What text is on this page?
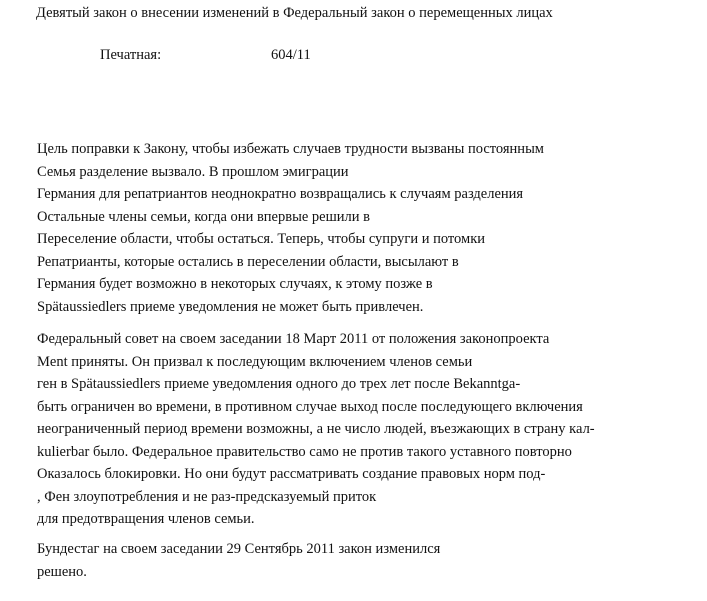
Девятый закон о внесении изменений в Федеральный закон о перемещенных лицах
Печатная:	604/11
Цель поправки к Закону, чтобы избежать случаев трудности вызваны постоянным
Семья разделение вызвало. В прошлом эмиграции
Германия для репатриантов неоднократно возвращались к случаям разделения
Остальные члены семьи, когда они впервые решили в
Переселение области, чтобы остаться. Теперь, чтобы супруги и потомки
Репатрианты, которые остались в переселении области, высылают в
Германия будет возможно в некоторых случаях, к этому позже в
Spätaussiedlers приеме уведомления не может быть привлечен.
Федеральный совет на своем заседании 18 Март 2011 от положения законопроекта
Ment приняты. Он призвал к последующим включением членов семьи
ген в Spätaussiedlers приеме уведомления одного до трех лет после Bekanntga-
быть ограничен во времени, в противном случае выход после последующего включения
неограниченный период времени возможны, а не число людей, въезжающих в страну кал-
kulierbar было. Федеральное правительство само не против такого уставного повторно
Оказалось блокировки. Но они будут рассматривать создание правовых норм под-
, Фен злоупотребления и не раз-предсказуемый приток
для предотвращения членов семьи.
Бундестаг на своем заседании 29 Сентябрь 2011 закон изменился
решено.
